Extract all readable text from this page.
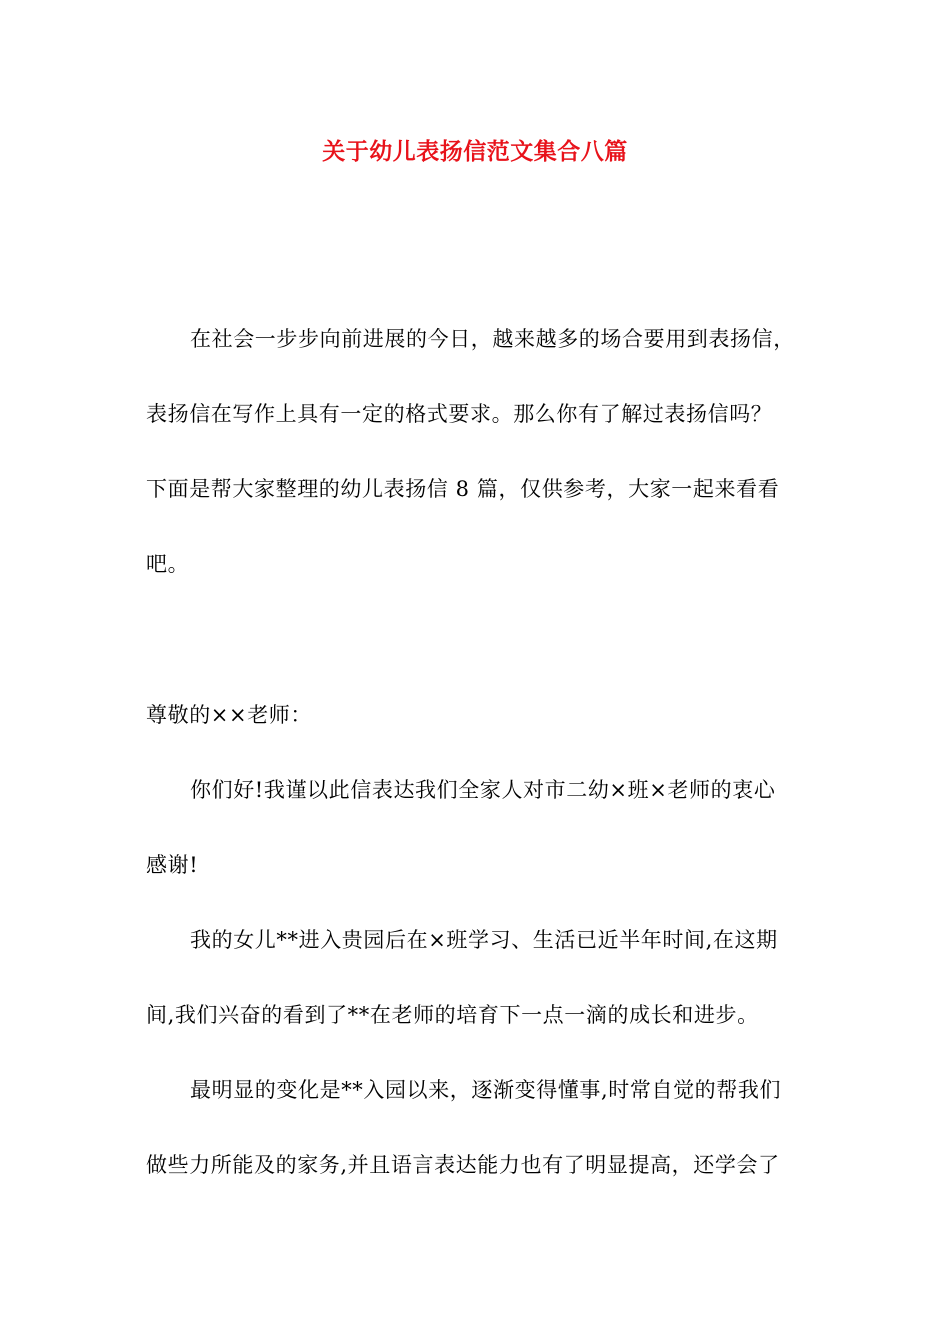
关于幼儿表扬信范文集合八篇
在社会一步步向前进展的今日，越来越多的场合要用到表扬信，
表扬信在写作上具有一定的格式要求。那么你有了解过表扬信吗？
下面是帮大家整理的幼儿表扬信 8 篇，仅供参考，大家一起来看看
吧。
尊敬的××老师：
你们好!我谨以此信表达我们全家人对市二幼×班×老师的衷心
感谢!
我的女儿**进入贵园后在×班学习、生活已近半年时间,在这期
间,我们兴奋的看到了**在老师的培育下一点一滴的成长和进步。
最明显的变化是**入园以来，逐渐变得懂事,时常自觉的帮我们
做些力所能及的家务,并且语言表达能力也有了明显提高，还学会了
